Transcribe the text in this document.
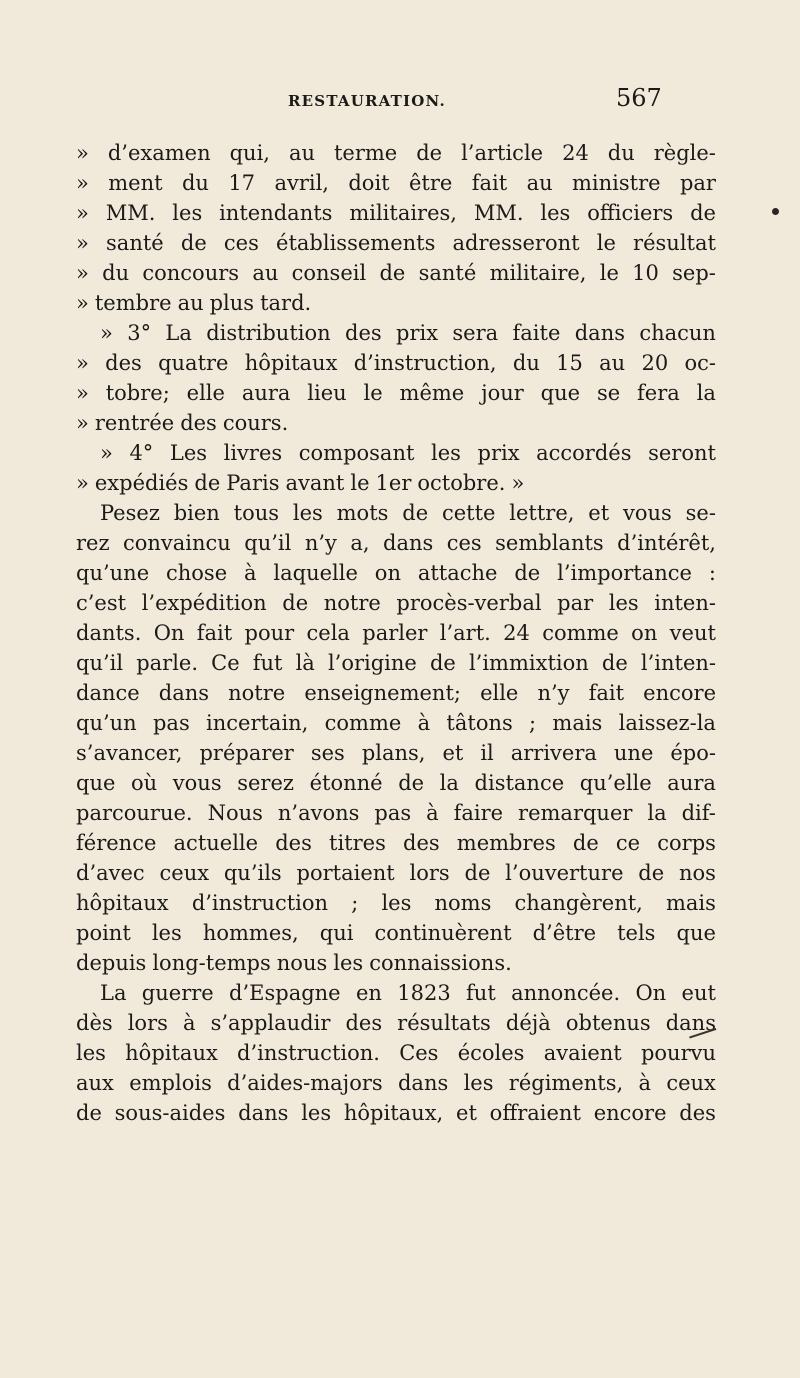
RESTAURATION.	567
» d’examen qui, au terme de l’article 24 du règle-
» ment du 17 avril, doit être fait au ministre par
» MM. les intendants militaires, MM. les officiers de
» santé de ces établissements adresseront le résultat
» du concours au conseil de santé militaire, le 10 sep-
» tembre au plus tard.
» 3° La distribution des prix sera faite dans chacun
» des quatre hôpitaux d’instruction, du 15 au 20 oc-
» tobre; elle aura lieu le même jour que se fera la
» rentrée des cours.
» 4° Les livres composant les prix accordés seront
» expédiés de Paris avant le 1er octobre. »
Pesez bien tous les mots de cette lettre, et vous se-
rez convaincu qu’il n’y a, dans ces semblants d’intérêt,
qu’une chose à laquelle on attache de l’importance :
c’est l’expédition de notre procès-verbal par les inten-
dants. On fait pour cela parler l’art. 24 comme on veut
qu’il parle. Ce fut là l’origine de l’immixtion de l’inten-
dance dans notre enseignement; elle n’y fait encore
qu’un pas incertain, comme à tâtons ; mais laissez-la
s’avancer, préparer ses plans, et il arrivera une épo-
que où vous serez étonné de la distance qu’elle aura
parcourue. Nous n’avons pas à faire remarquer la dif-
férence actuelle des titres des membres de ce corps
d’avec ceux qu’ils portaient lors de l’ouverture de nos
hôpitaux d’instruction ; les noms changèrent, mais
point les hommes, qui continuèrent d’être tels que
depuis long-temps nous les connaissions.
La guerre d’Espagne en 1823 fut annoncée. On eut
dès lors à s’applaudir des résultats déjà obtenus dans
les hôpitaux d’instruction. Ces écoles avaient pourvu
aux emplois d’aides-majors dans les régiments, à ceux
de sous-aides dans les hôpitaux, et offraient encore des
